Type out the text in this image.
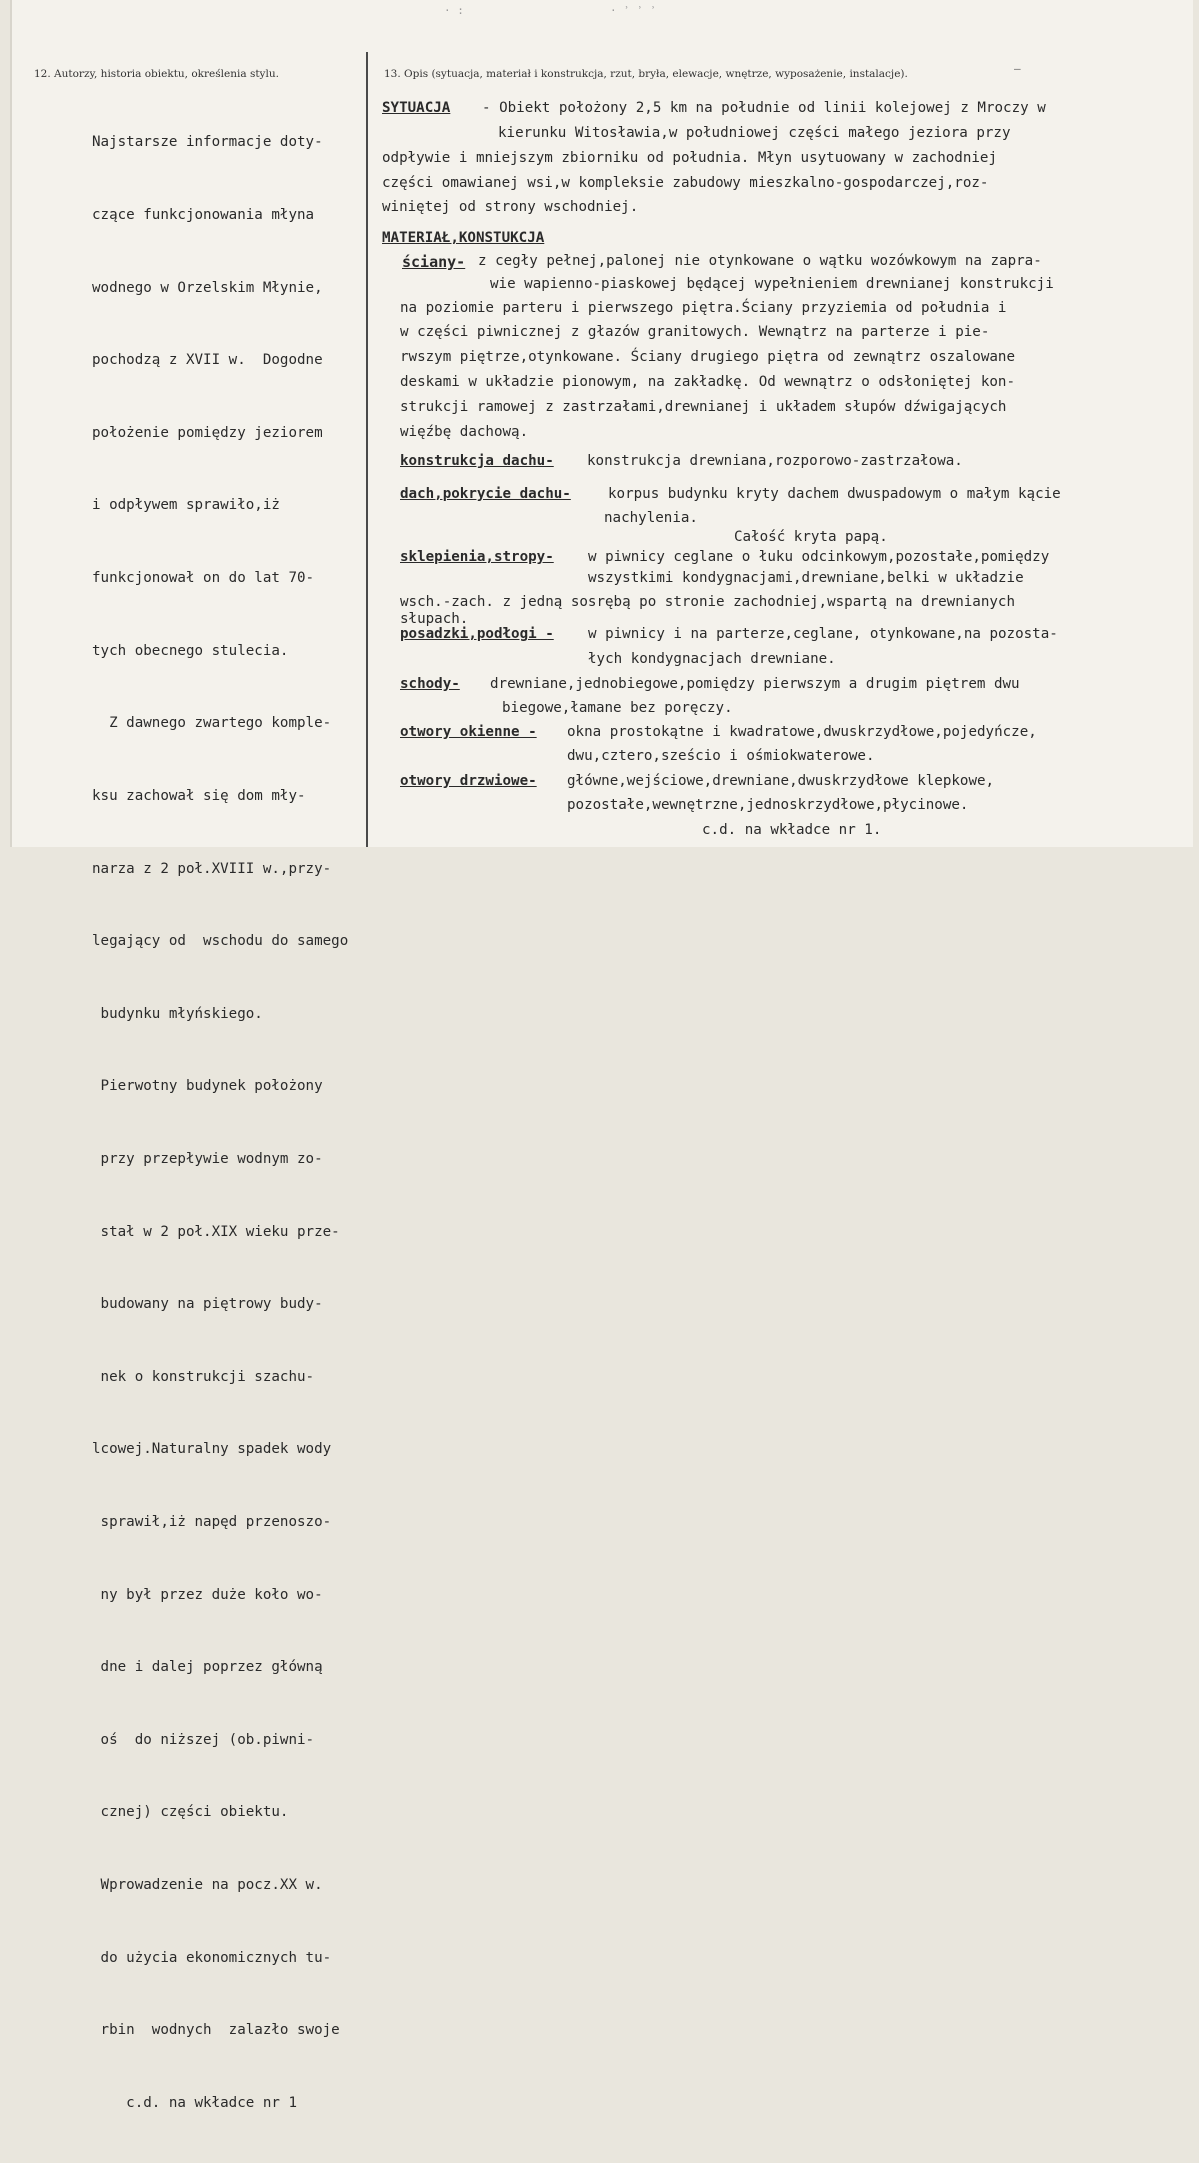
· :	· ʾ ʾ ʾ
12. Autorzy, historia obiektu, określenia stylu.

Najstarsze informacje doty-

czące funkcjonowania młyna

wodnego w Orzelskim Młynie,

pochodzą z XVII w.  Dogodne

położenie pomiędzy jeziorem

i odpływem sprawiło,iż

funkcjonował on do lat 70-

tych obecnego stulecia.

Z dawnego zwartego komple-

ksu zachował się dom mły-

narza z 2 poł.XVIII w.,przy-

legający od  wschodu do samego

budynku młyńskiego.

Pierwotny budynek położony

przy przepływie wodnym zo-

stał w 2 poł.XIX wieku prze-

budowany na piętrowy budy-

nek o konstrukcji szachu-

lcowej.Naturalny spadek wody

sprawił,iż napęd przenoszo-

ny był przez duże koło wo-

dne i dalej poprzez główną

oś  do niższej (ob.piwni-

cznej) części obiektu.

Wprowadzenie na pocz.XX w.

do użycia ekonomicznych tu-

rbin  wodnych  zalazło swoje

c.d. na wkładce nr 1

13. Opis (sytuacja, materiał i konstrukcja, rzut, bryła, elewacje, wnętrze, wyposażenie, instalacje).	–
SYTUACJA - Obiekt położony 2,5 km na południe od linii kolejowej z Mroczy w
kierunku Witosławia,w południowej części małego jeziora przy
odpływie i mniejszym zbiorniku od południa. Młyn usytuowany w zachodniej
części omawianej wsi,w kompleksie zabudowy mieszkalno-gospodarczej,roz-
winiętej od strony wschodniej.
MATERIAŁ,KONSTUKCJA
ściany- z cegły pełnej,palonej nie otynkowane o wątku wozówkowym na zapra-
wie wapienno-piaskowej będącej wypełnieniem drewnianej konstrukcji
na poziomie parteru i pierwszego piętra.Ściany przyziemia od południa i
w części piwnicznej z głazów granitowych. Wewnątrz na parterze i pie-
rwszym piętrze,otynkowane. Ściany drugiego piętra od zewnątrz oszalowane
deskami w układzie pionowym, na zakładkę. Od wewnątrz o odsłoniętej kon-
strukcji ramowej z zastrzałami,drewnianej i układem słupów dźwigających
więźbę dachową.
konstrukcja dachu- konstrukcja drewniana,rozporowo-zastrzałowa.
dach,pokrycie dachu-	korpus budynku kryty dachem dwuspadowym o małym kącie
nachylenia.
Całość kryta papą.
sklepienia,stropy- w piwnicy ceglane o łuku odcinkowym,pozostałe,pomiędzy
wszystkimi kondygnacjami,drewniane,belki w układzie
wsch.-zach. z jedną sosrębą po stronie zachodniej,wspartą na drewnianych
słupach.
posadzki,podłogi - w piwnicy i na parterze,ceglane, otynkowane,na pozosta-
łych kondygnacjach drewniane.
schody- drewniane,jednobiegowe,pomiędzy pierwszym a drugim piętrem dwu
biegowe,łamane bez poręczy.
otwory okienne - okna prostokątne i kwadratowe,dwuskrzydłowe,pojedyńcze,
dwu,cztero,sześcio i ośmiokwaterowe.
otwory drzwiowe- główne,wejściowe,drewniane,dwuskrzydłowe klepkowe,
pozostałe,wewnętrzne,jednoskrzydłowe,płycinowe.
c.d. na wkładce nr 1.
